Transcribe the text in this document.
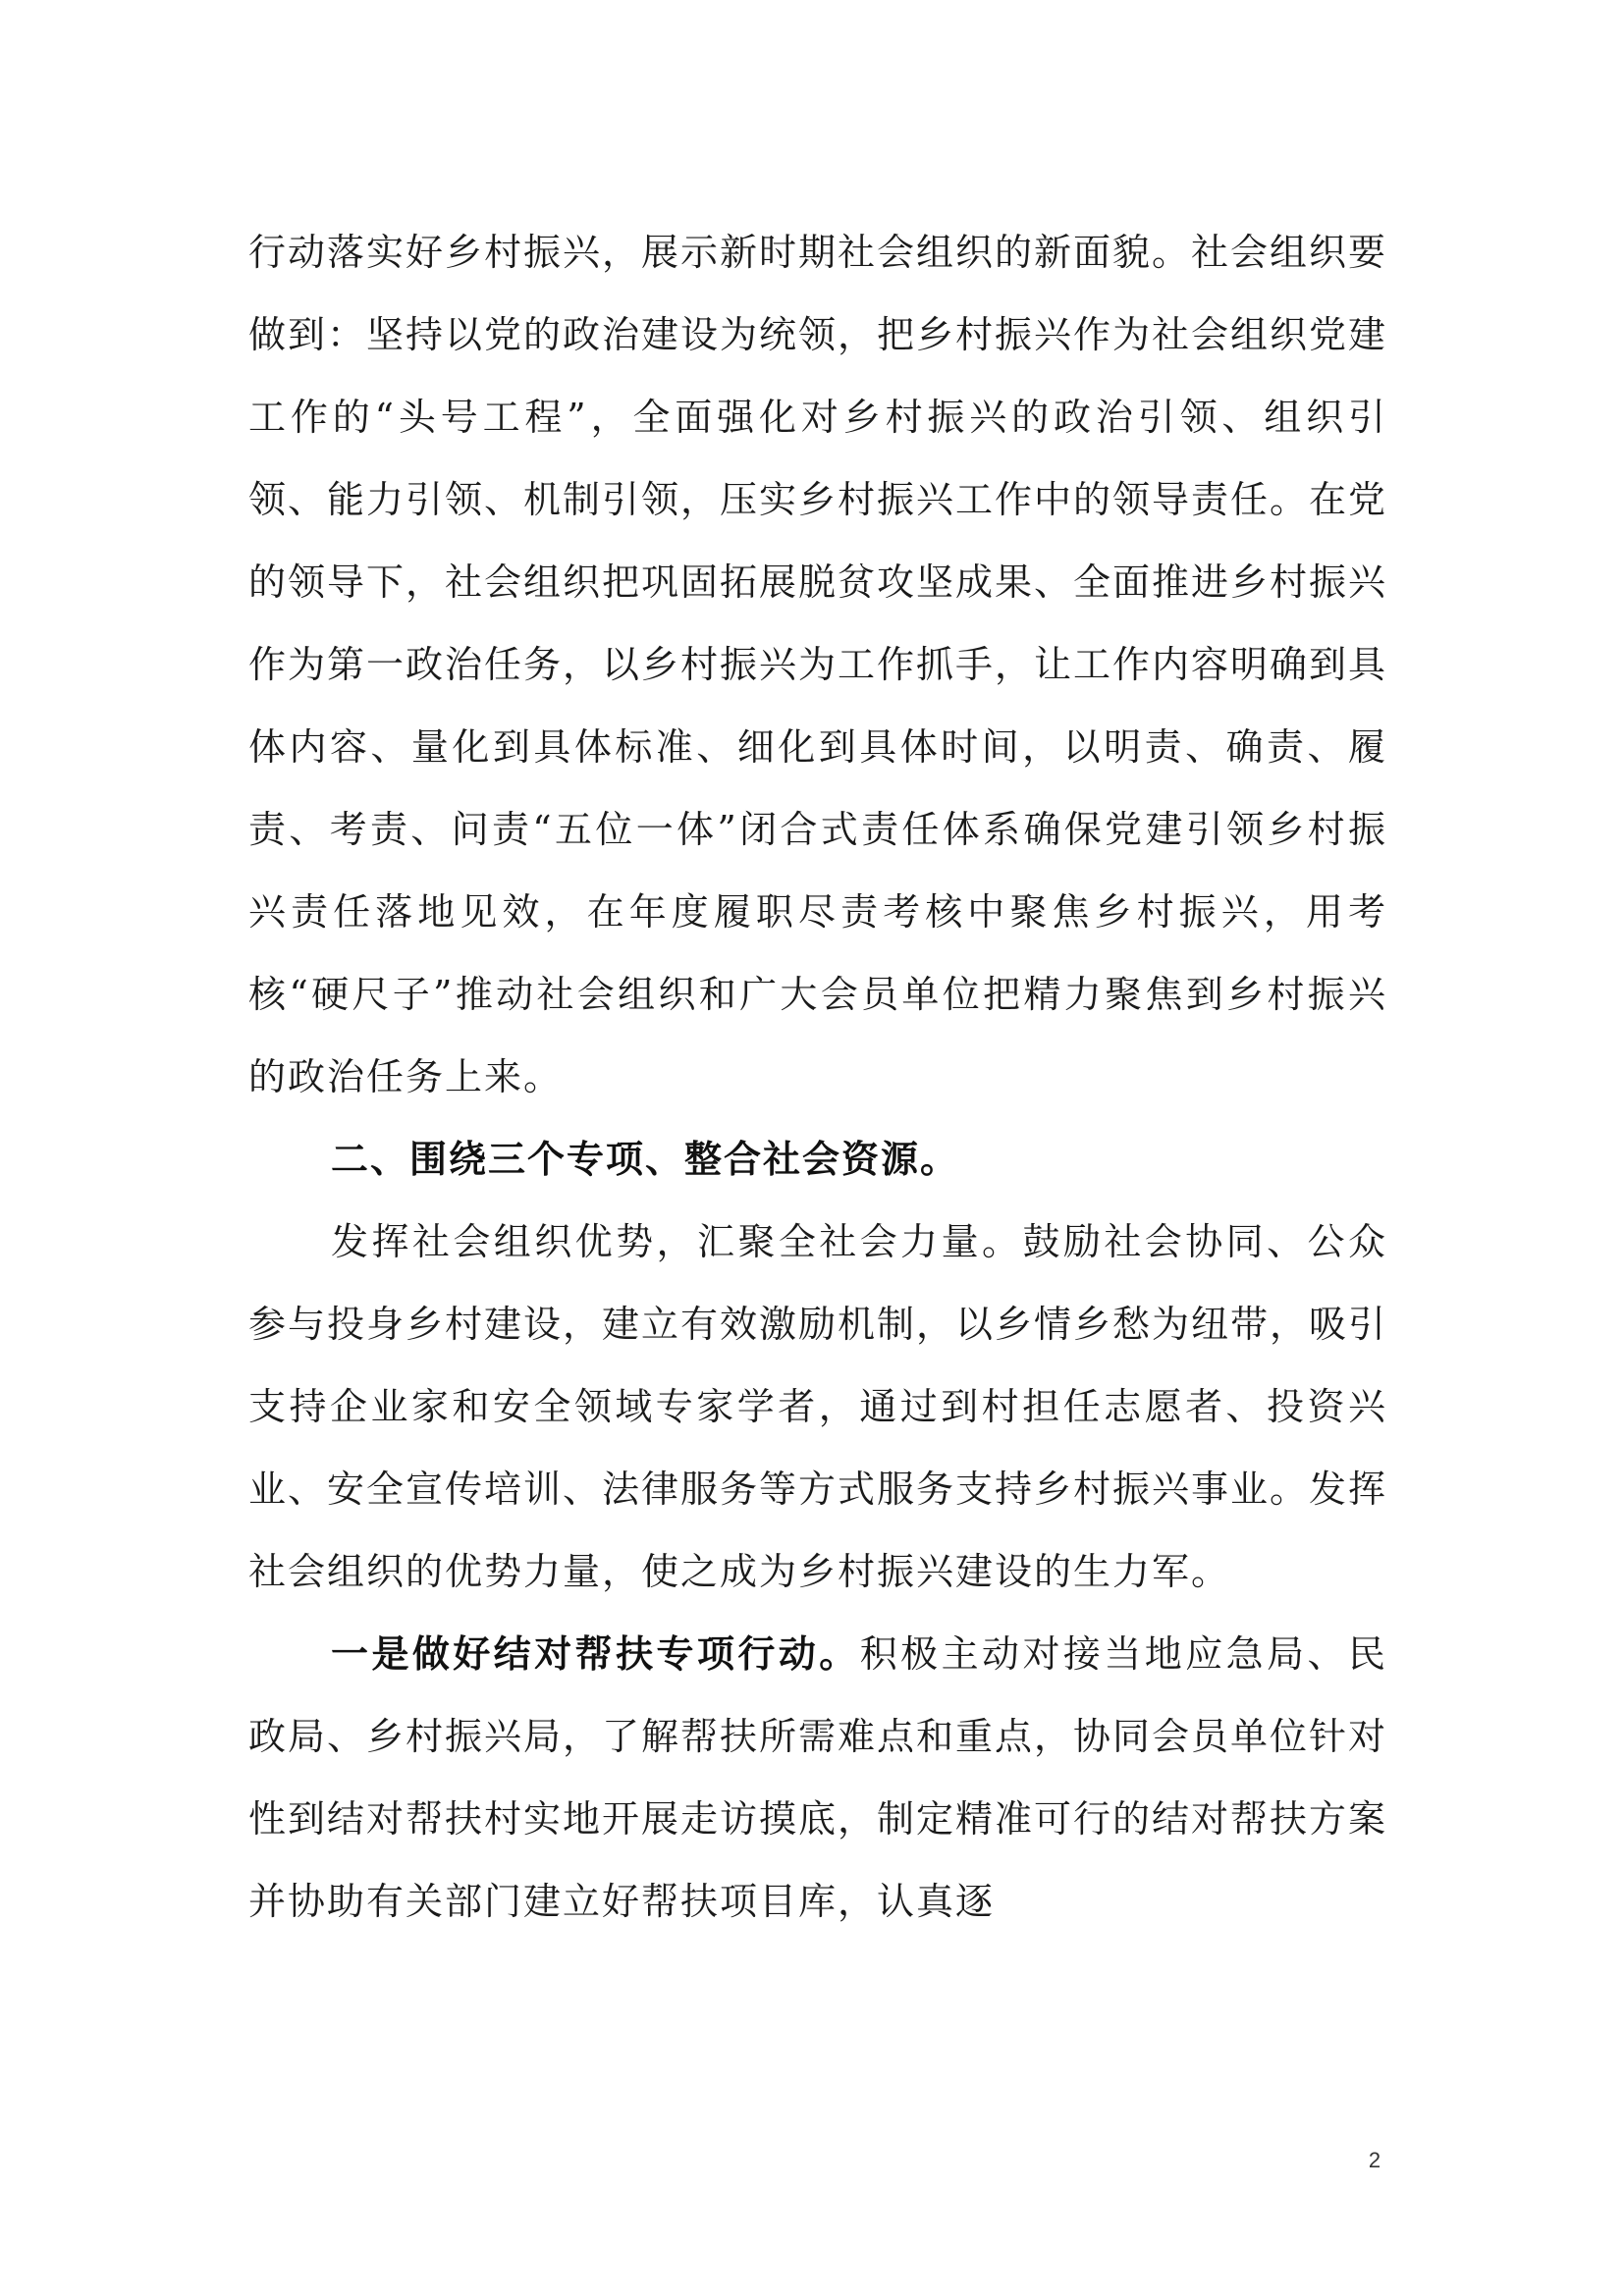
行动落实好乡村振兴，展示新时期社会组织的新面貌。社会组织要做到：坚持以党的政治建设为统领，把乡村振兴作为社会组织党建工作的“头号工程”，全面强化对乡村振兴的政治引领、组织引领、能力引领、机制引领，压实乡村振兴工作中的领导责任。在党的领导下，社会组织把巩固拓展脱贫攻坚成果、全面推进乡村振兴作为第一政治任务，以乡村振兴为工作抓手，让工作内容明确到具体内容、量化到具体标准、细化到具体时间，以明责、确责、履责、考责、问责“五位一体”闭合式责任体系确保党建引领乡村振兴责任落地见效，在年度履职尽责考核中聚焦乡村振兴，用考核“硬尺子”推动社会组织和广大会员单位把精力聚焦到乡村振兴的政治任务上来。

二、围绕三个专项、整合社会资源。

发挥社会组织优势，汇聚全社会力量。鼓励社会协同、公众参与投身乡村建设，建立有效激励机制，以乡情乡愁为纽带，吸引支持企业家和安全领域专家学者，通过到村担任志愿者、投资兴业、安全宣传培训、法律服务等方式服务支持乡村振兴事业。发挥社会组织的优势力量，使之成为乡村振兴建设的生力军。

一是做好结对帮扶专项行动。积极主动对接当地应急局、民政局、乡村振兴局，了解帮扶所需难点和重点，协同会员单位针对性到结对帮扶村实地开展走访摸底，制定精准可行的结对帮扶方案并协助有关部门建立好帮扶项目库，认真逐

2
